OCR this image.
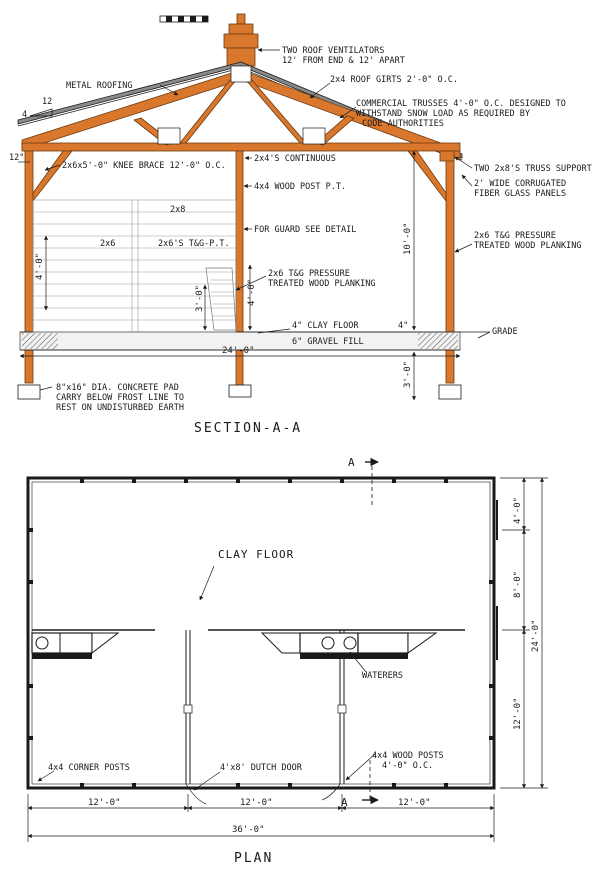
12
4
TWO ROOF VENTILATORS
12' FROM END & 12' APART
METAL ROOFING
2x4 ROOF GIRTS 2'-0" O.C.
COMMERCIAL TRUSSES 4'-0" O.C. DESIGNED TO
WITHSTAND SNOW LOAD AS REQUIRED BY
CODE AUTHORITIES
12"
2x6x5'-0" KNEE BRACE 12'-0" O.C.
2x4'S CONTINUOUS
TWO 2x8'S TRUSS SUPPORT
2' WIDE CORRUGATED
FIBER GLASS PANELS
4x4 WOOD POST P.T.
2x8
2x6	2x6'S T&G-P.T.
FOR GUARD SEE DETAIL
2x6 T&G PRESSURE
TREATED WOOD PLANKING
2x6 T&G PRESSURE
TREATED WOOD PLANKING
4" CLAY FLOOR
GRADE
6" GRAVEL FILL
24'-0"
10'-0"
4'-0"
3'-0"
4'-0"
3'-0"
4"
8"x16" DIA. CONCRETE PAD
CARRY BELOW FROST LINE TO
REST ON UNDISTURBED EARTH
SECTION-A-A
A
A
CLAY FLOOR
WATERERS
4x4 CORNER POSTS	4'x8' DUTCH DOOR
4x4 WOOD POSTS
4'-0" O.C.
12'-0"	12'-0"	12'-0"
36'-0"
4'-0"
8'-0"
12'-0"
24'-0"
PLAN
